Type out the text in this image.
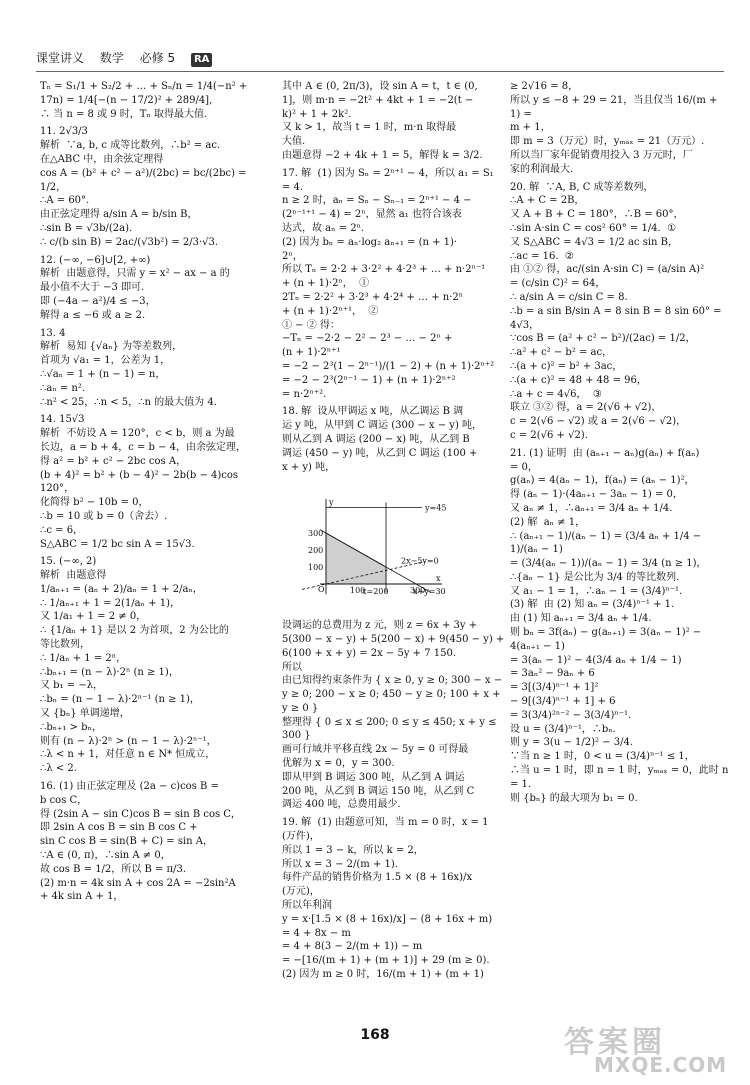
课堂讲义 数学 必修 5 RA

Tₙ = S₁/1 + S₂/2 + … + Sₙ/n = 1/4(−n² +

17n) = 1/4[−(n − 17/2)² + 289/4],

∴ 当 n = 8 或 9 时，Tₙ 取得最大值.

11. 2√3/3

解析  ∵a, b, c 成等比数列，∴b² = ac.

在△ABC 中，由余弦定理得

cos A = (b² + c² − a²)/(2bc) = bc/(2bc) = 1/2，

∴A = 60°.

由正弦定理得 a/sin A = b/sin B，

∴sin B = √3b/(2a).

∴ c/(b sin B) = 2ac/(√3b²) = 2/3·√3.

12. (−∞, −6]∪[2, +∞)

解析  由题意得，只需 y = x² − ax − a 的

最小值不大于 −3 即可.

即 (−4a − a²)/4 ≤ −3，

解得 a ≤ −6 或 a ≥ 2.

13. 4

解析  易知 {√aₙ} 为等差数列，

首项为 √a₁ = 1，公差为 1，

∴√aₙ = 1 + (n − 1) = n，

∴aₙ = n².

∴n² < 25，∴n < 5，∴n 的最大值为 4.

14. 15√3

解析  不妨设 A = 120°，c < b，则 a 为最

长边，a = b + 4，c = b − 4，由余弦定理，

得 a² = b² + c² − 2bc cos A，

(b + 4)² = b² + (b − 4)² − 2b(b − 4)cos 120°，

化简得 b² − 10b = 0，

∴b = 10 或 b = 0（舍去）.

∴c = 6，

S△ABC = 1/2 bc sin A = 15√3.

15. (−∞, 2)

解析  由题意得

1/aₙ₊₁ = (aₙ + 2)/aₙ = 1 + 2/aₙ，

∴ 1/aₙ₊₁ + 1 = 2(1/aₙ + 1)，

又 1/a₁ + 1 = 2 ≠ 0，

∴ {1/aₙ + 1} 是以 2 为首项，2 为公比的

等比数列，

∴ 1/aₙ + 1 = 2ⁿ，

∴bₙ₊₁ = (n − λ)·2ⁿ (n ≥ 1)，

又 b₁ = −λ，

∴bₙ = (n − 1 − λ)·2ⁿ⁻¹ (n ≥ 1)，

又 {bₙ} 单调递增，

∴bₙ₊₁ > bₙ，

则有 (n − λ)·2ⁿ > (n − 1 − λ)·2ⁿ⁻¹，

∴λ < n + 1，对任意 n ∈ N* 恒成立，

∴λ < 2.

16. (1) 由正弦定理及 (2a − c)cos B =

b cos C，

得 (2sin A − sin C)cos B = sin B cos C，

即 2sin A cos B = sin B cos C +

sin C cos B = sin(B + C) = sin A，

∵A ∈ (0, π)，∴sin A ≠ 0，

故 cos B = 1/2，所以 B = π/3.

(2) m·n = 4k sin A + cos 2A = −2sin²A

+ 4k sin A + 1，

其中 A ∈ (0, 2π/3)，设 sin A = t，t ∈ (0,

1]，则 m·n = −2t² + 4kt + 1 = −2(t −

k)² + 1 + 2k².

又 k > 1，故当 t = 1 时，m·n 取得最

大值.

由题意得 −2 + 4k + 1 = 5，解得 k = 3/2.

17. 解  (1) 因为 Sₙ = 2ⁿ⁺¹ − 4，所以 a₁ = S₁

= 4.

n ≥ 2 时，aₙ = Sₙ − Sₙ₋₁ = 2ⁿ⁺¹ − 4 −

(2ⁿ⁻¹⁺¹ − 4) = 2ⁿ，显然 a₁ 也符合该表

达式，故 aₙ = 2ⁿ.

(2) 因为 bₙ = aₙ·log₂ aₙ₊₁ = (n + 1)·

2ⁿ，

所以 Tₙ = 2·2 + 3·2² + 4·2³ + … + n·2ⁿ⁻¹

+ (n + 1)·2ⁿ，  ①

2Tₙ = 2·2² + 3·2³ + 4·2⁴ + … + n·2ⁿ

+ (n + 1)·2ⁿ⁺¹，  ②

① − ② 得：

−Tₙ = −2·2 − 2² − 2³ − … − 2ⁿ +

(n + 1)·2ⁿ⁺¹

= −2 − 2³(1 − 2ⁿ⁻¹)/(1 − 2) + (n + 1)·2ⁿ⁺²

= −2 − 2³(2ⁿ⁻¹ − 1) + (n + 1)·2ⁿ⁺²

= n·2ⁿ⁺².

18. 解  设从甲调运 x 吨，从乙调运 B 调

运 y 吨，从甲到 C 调运 (300 − x − y) 吨，

则从乙到 A 调运 (200 − x) 吨，从乙到 B

调运 (450 − y) 吨，从乙到 C 调运 (100 +

x + y) 吨，

y
x
O
300
200
100
100	300
y=45
2x−5y=0
x=200	x+y=30

设调运的总费用为 z 元，则 z = 6x + 3y +

5(300 − x − y) + 5(200 − x) + 9(450 − y) +

6(100 + x + y) = 2x − 5y + 7 150.

所以

由已知得约束条件为 { x ≥ 0, y ≥ 0; 300 − x − y ≥ 0; 200 − x ≥ 0; 450 − y ≥ 0; 100 + x + y ≥ 0 }

整理得 { 0 ≤ x ≤ 200; 0 ≤ y ≤ 450; x + y ≤ 300 }

画可行域并平移直线 2x − 5y = 0 可得最

优解为 x = 0，y = 300.

即从甲到 B 调运 300 吨，从乙到 A 调运

200 吨，从乙到 B 调运 150 吨，从乙到 C

调运 400 吨，总费用最少.

19. 解  (1) 由题意可知，当 m = 0 时，x = 1

(万件)，

所以 1 = 3 − k，所以 k = 2，

所以 x = 3 − 2/(m + 1).

每件产品的销售价格为 1.5 × (8 + 16x)/x

(万元)，

所以年利润

y = x·[1.5 × (8 + 16x)/x] − (8 + 16x + m)

= 4 + 8x − m

= 4 + 8(3 − 2/(m + 1)) − m

= −[16/(m + 1) + (m + 1)] + 29 (m ≥ 0).

(2) 因为 m ≥ 0 时，16/(m + 1) + (m + 1)

≥ 2√16 = 8，

所以 y ≤ −8 + 29 = 21，当且仅当 16/(m + 1) =

m + 1，

即 m = 3（万元）时，yₘₐₓ = 21（万元）.

所以当厂家年促销费用投入 3 万元时，厂

家的利润最大.

20. 解  ∵A, B, C 成等差数列，

∴A + C = 2B，

又 A + B + C = 180°，∴B = 60°，

∴sin A·sin C = cos² 60° = 1/4.  ①

又 S△ABC = 4√3 = 1/2 ac sin B，

∴ac = 16.  ②

由 ①② 得，ac/(sin A·sin C) = (a/sin A)²

= (c/sin C)² = 64，

∴ a/sin A = c/sin C = 8.

∴b = a sin B/sin A = 8 sin B = 8 sin 60° = 4√3，

∵cos B = (a² + c² − b²)/(2ac) = 1/2，

∴a² + c² − b² = ac，

∴(a + c)² = b² + 3ac，

∴(a + c)² = 48 + 48 = 96，

∴a + c = 4√6，  ③

联立 ③② 得，a = 2(√6 + √2)，

c = 2(√6 − √2) 或 a = 2(√6 − √2)，

c = 2(√6 + √2).

21. (1) 证明  由 (aₙ₊₁ − aₙ)g(aₙ) + f(aₙ)

= 0，

g(aₙ) = 4(aₙ − 1)，f(aₙ) = (aₙ − 1)²，

得 (aₙ − 1)·(4aₙ₊₁ − 3aₙ − 1) = 0，

又 aₙ ≠ 1，∴aₙ₊₁ = 3/4 aₙ + 1/4.

(2) 解  aₙ ≠ 1，

∴ (aₙ₊₁ − 1)/(aₙ − 1) = (3/4 aₙ + 1/4 − 1)/(aₙ − 1)

= (3/4(aₙ − 1))/(aₙ − 1) = 3/4 (n ≥ 1)，

∴{aₙ − 1} 是公比为 3/4 的等比数列.

又 a₁ − 1 = 1，∴aₙ − 1 = (3/4)ⁿ⁻¹.

(3) 解  由 (2) 知 aₙ = (3/4)ⁿ⁻¹ + 1.

由 (1) 知 aₙ₊₁ = 3/4 aₙ + 1/4.

则 bₙ = 3f(aₙ) − g(aₙ₊₁) = 3(aₙ − 1)² −

4(aₙ₊₁ − 1)

= 3(aₙ − 1)² − 4(3/4 aₙ + 1/4 − 1)

= 3aₙ² − 9aₙ + 6

= 3[(3/4)ⁿ⁻¹ + 1]²

− 9[(3/4)ⁿ⁻¹ + 1] + 6

= 3(3/4)²ⁿ⁻² − 3(3/4)ⁿ⁻¹.

设 u = (3/4)ⁿ⁻¹，∴bₙ.

则 y = 3(u − 1/2)² − 3/4.

∵当 n ≥ 1 时，0 < u = (3/4)ⁿ⁻¹ ≤ 1，

∴当 u = 1 时，即 n = 1 时，yₘₐₓ = 0，此时 n = 1.

则 {bₙ} 的最大项为 b₁ = 0.

168	答案圈
MXQE.COM
